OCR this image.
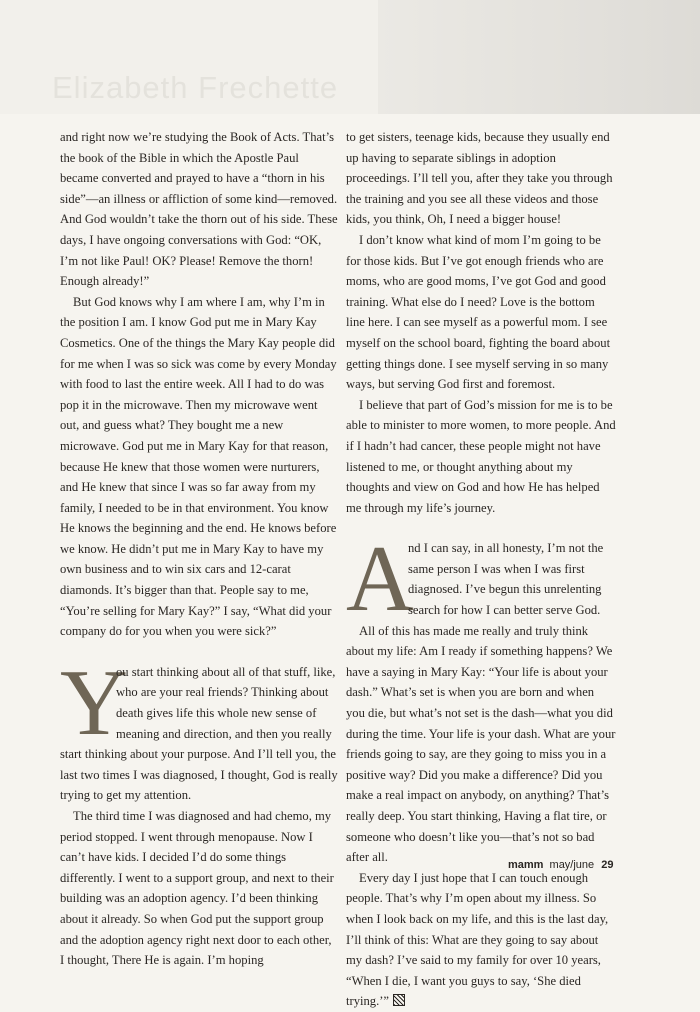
Elizabeth Frechette

and right now we’re studying the Book of Acts. That’s the book of the Bible in which the Apostle Paul became converted and prayed to have a “thorn in his side”—an illness or affliction of some kind—removed. And God wouldn’t take the thorn out of his side. These days, I have ongoing conversations with God: “OK, I’m not like Paul! OK? Please! Remove the thorn! Enough already!”

But God knows why I am where I am, why I’m in the position I am. I know God put me in Mary Kay Cosmetics. One of the things the Mary Kay people did for me when I was so sick was come by every Monday with food to last the entire week. All I had to do was pop it in the microwave. Then my microwave went out, and guess what? They bought me a new microwave. God put me in Mary Kay for that reason, because He knew that those women were nurturers, and He knew that since I was so far away from my family, I needed to be in that environment. You know He knows the beginning and the end. He knows before we know. He didn’t put me in Mary Kay to have my own business and to win six cars and 12-carat diamonds. It’s bigger than that. People say to me, “You’re selling for Mary Kay?” I say, “What did your company do for you when you were sick?”

Y
ou start thinking about all of that stuff, like, who are your real friends? Thinking about death gives life this whole new sense of meaning and direction, and then you really start thinking about your purpose. And I’ll tell you, the last two times I was diagnosed, I thought, God is really trying to get my attention.

The third time I was diagnosed and had chemo, my period stopped. I went through menopause. Now I can’t have kids. I decided I’d do some things differently. I went to a support group, and next to their building was an adoption agency. I’d been thinking about it already. So when God put the support group and the adoption agency right next door to each other, I thought, There He is again. I’m hoping

to get sisters, teenage kids, because they usually end up having to separate siblings in adoption proceedings. I’ll tell you, after they take you through the training and you see all these videos and those kids, you think, Oh, I need a bigger house!

I don’t know what kind of mom I’m going to be for those kids. But I’ve got enough friends who are moms, who are good moms, I’ve got God and good training. What else do I need? Love is the bottom line here. I can see myself as a powerful mom. I see myself on the school board, fighting the board about getting things done. I see myself serving in so many ways, but serving God first and foremost.

I believe that part of God’s mission for me is to be able to minister to more women, to more people. And if I hadn’t had cancer, these people might not have listened to me, or thought anything about my thoughts and view on God and how He has helped me through my life’s journey.

A
nd I can say, in all honesty, I’m not the same person I was when I was first diagnosed. I’ve begun this unrelenting search for how I can better serve God.

All of this has made me really and truly think about my life: Am I ready if something happens? We have a saying in Mary Kay: “Your life is about your dash.” What’s set is when you are born and when you die, but what’s not set is the dash—what you did during the time. Your life is your dash. What are your friends going to say, are they going to miss you in a positive way? Did you make a difference? Did you make a real impact on anybody, on anything? That’s really deep. You start thinking, Having a flat tire, or someone who doesn’t like you—that’s not so bad after all.

Every day I just hope that I can touch enough people. That’s why I’m open about my illness. So when I look back on my life, and this is the last day, I’ll think of this: What are they going to say about my dash? I’ve said to my family for over 10 years, “When I die, I want you guys to say, ‘She died trying.’”

mamm may/june 29
